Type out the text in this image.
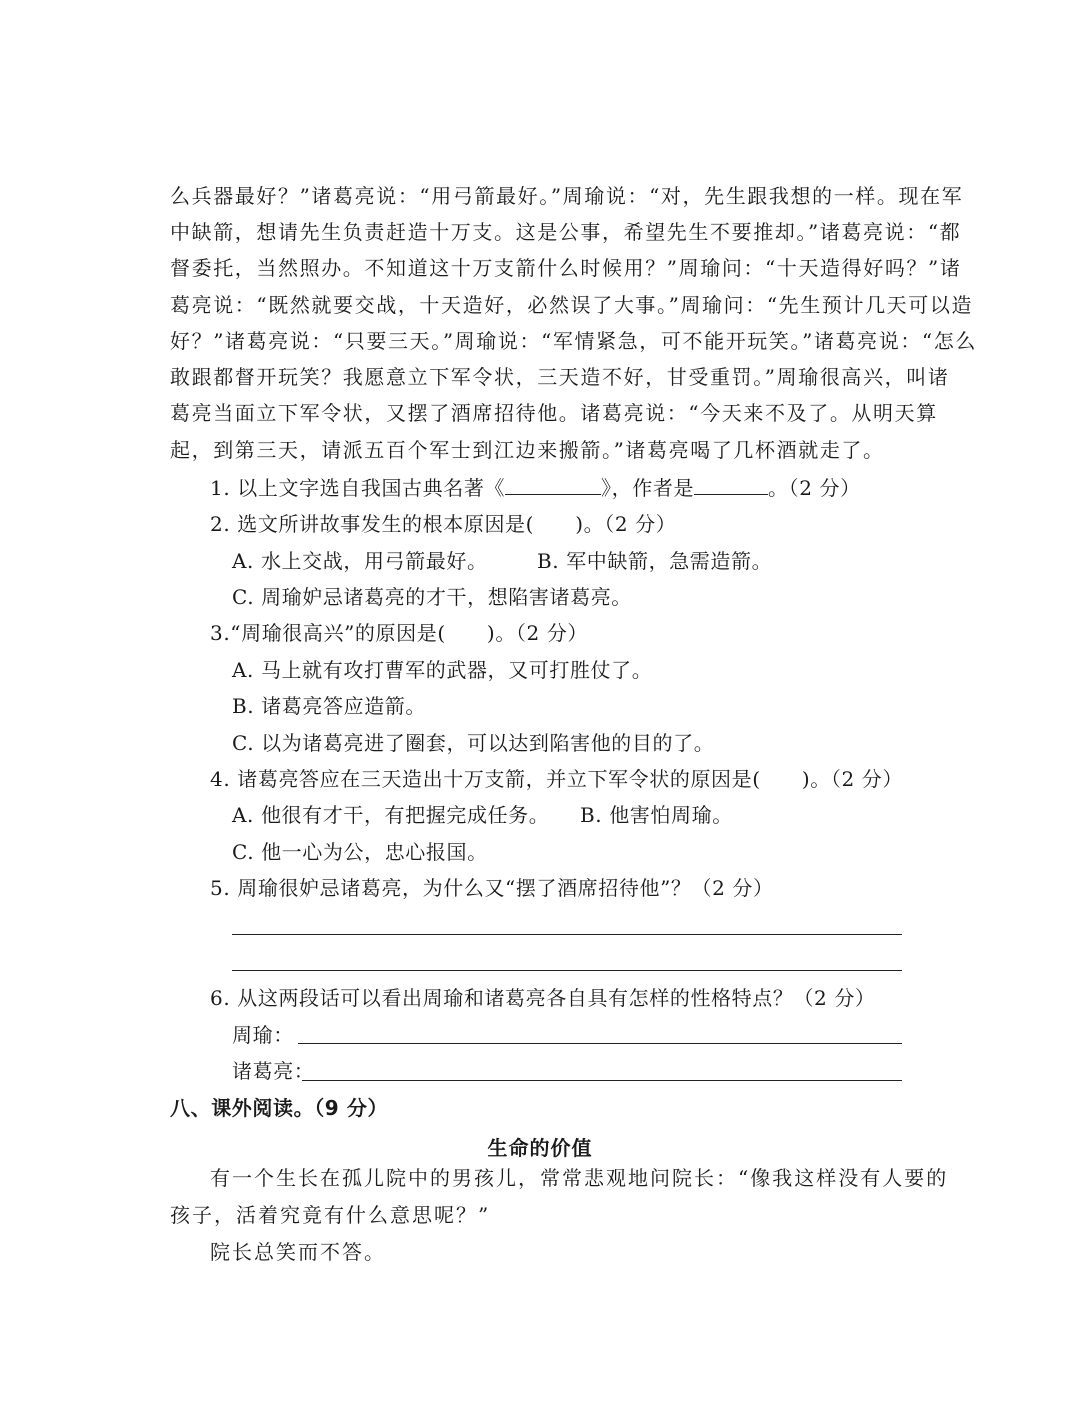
么兵器最好？”诸葛亮说：“用弓箭最好。”周瑜说：“对，先生跟我想的一样。现在军
中缺箭，想请先生负责赶造十万支。这是公事，希望先生不要推却。”诸葛亮说：“都
督委托，当然照办。不知道这十万支箭什么时候用？”周瑜问：“十天造得好吗？”诸
葛亮说：“既然就要交战，十天造好，必然误了大事。”周瑜问：“先生预计几天可以造
好？”诸葛亮说：“只要三天。”周瑜说：“军情紧急，可不能开玩笑。”诸葛亮说：“怎么
敢跟都督开玩笑？我愿意立下军令状，三天造不好，甘受重罚。”周瑜很高兴，叫诸
葛亮当面立下军令状，又摆了酒席招待他。诸葛亮说：“今天来不及了。从明天算
起，到第三天，请派五百个军士到江边来搬箭。”诸葛亮喝了几杯酒就走了。
1. 以上文字选自我国古典名著《	》，作者是	。（2 分）
2. 选文所讲故事发生的根本原因是(　　)。（2 分）
A. 水上交战，用弓箭最好。	B. 军中缺箭，急需造箭。
C. 周瑜妒忌诸葛亮的才干，想陷害诸葛亮。
3.“周瑜很高兴”的原因是(　　)。（2 分）
A. 马上就有攻打曹军的武器，又可打胜仗了。
B. 诸葛亮答应造箭。
C. 以为诸葛亮进了圈套，可以达到陷害他的目的了。
4. 诸葛亮答应在三天造出十万支箭，并立下军令状的原因是(　　)。（2 分）
A. 他很有才干，有把握完成任务。	B. 他害怕周瑜。
C. 他一心为公，忠心报国。
5. 周瑜很妒忌诸葛亮，为什么又“摆了酒席招待他”？（2 分）
6. 从这两段话可以看出周瑜和诸葛亮各自具有怎样的性格特点？（2 分）
周瑜：
诸葛亮：
八、课外阅读。（9 分）
生命的价值
有一个生长在孤儿院中的男孩儿，常常悲观地问院长：“像我这样没有人要的
孩子，活着究竟有什么意思呢？”
院长总笑而不答。
